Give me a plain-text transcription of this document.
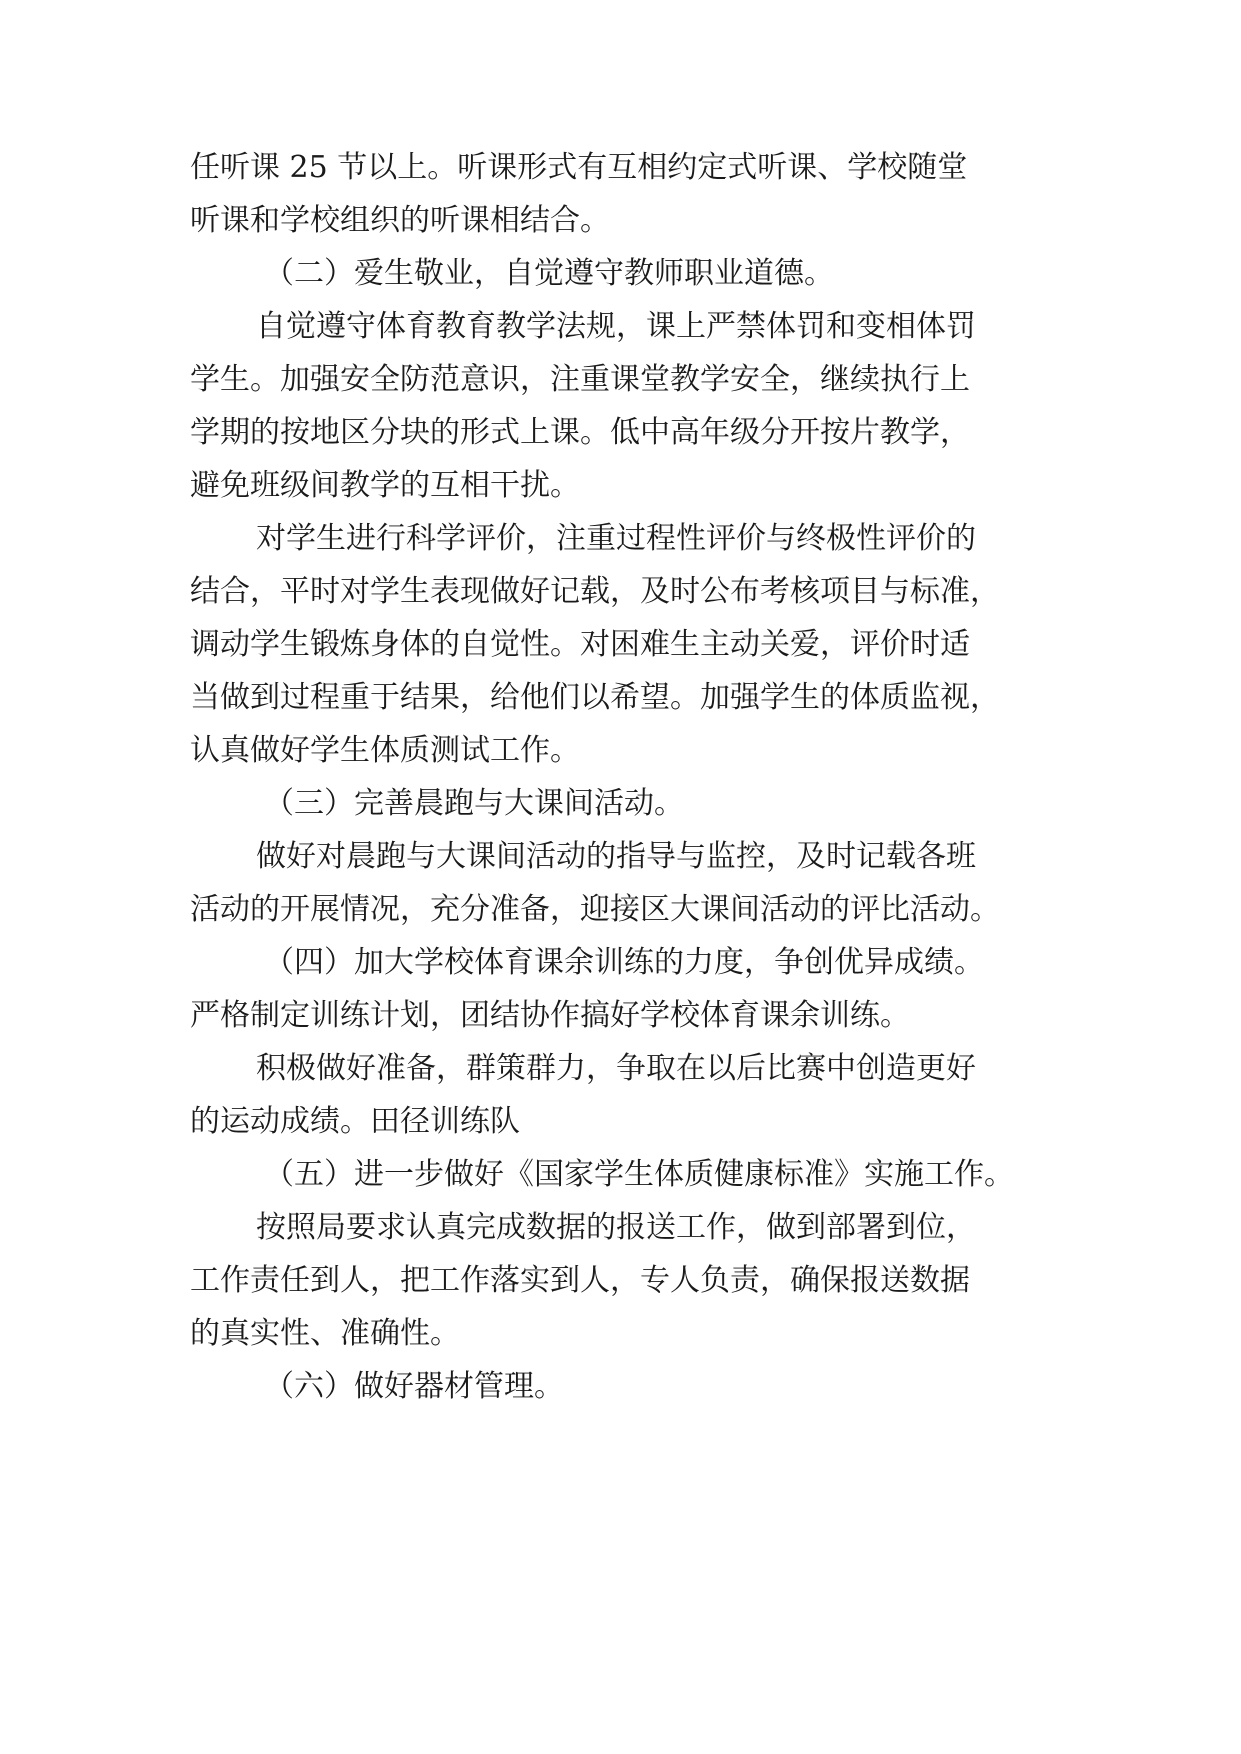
任听课 25 节以上。听课形式有互相约定式听课、学校随堂
听课和学校组织的听课相结合。
（二）爱生敬业，自觉遵守教师职业道德。
自觉遵守体育教育教学法规，课上严禁体罚和变相体罚
学生。加强安全防范意识，注重课堂教学安全，继续执行上
学期的按地区分块的形式上课。低中高年级分开按片教学，
避免班级间教学的互相干扰。
对学生进行科学评价，注重过程性评价与终极性评价的
结合，平时对学生表现做好记载，及时公布考核项目与标准，
调动学生锻炼身体的自觉性。对困难生主动关爱，评价时适
当做到过程重于结果，给他们以希望。加强学生的体质监视，
认真做好学生体质测试工作。
（三）完善晨跑与大课间活动。
做好对晨跑与大课间活动的指导与监控，及时记载各班
活动的开展情况，充分准备，迎接区大课间活动的评比活动。
（四）加大学校体育课余训练的力度，争创优异成绩。
严格制定训练计划，团结协作搞好学校体育课余训练。
积极做好准备，群策群力，争取在以后比赛中创造更好
的运动成绩。田径训练队
（五）进一步做好《国家学生体质健康标准》实施工作。
按照局要求认真完成数据的报送工作，做到部署到位，
工作责任到人，把工作落实到人，专人负责，确保报送数据
的真实性、准确性。
（六）做好器材管理。
